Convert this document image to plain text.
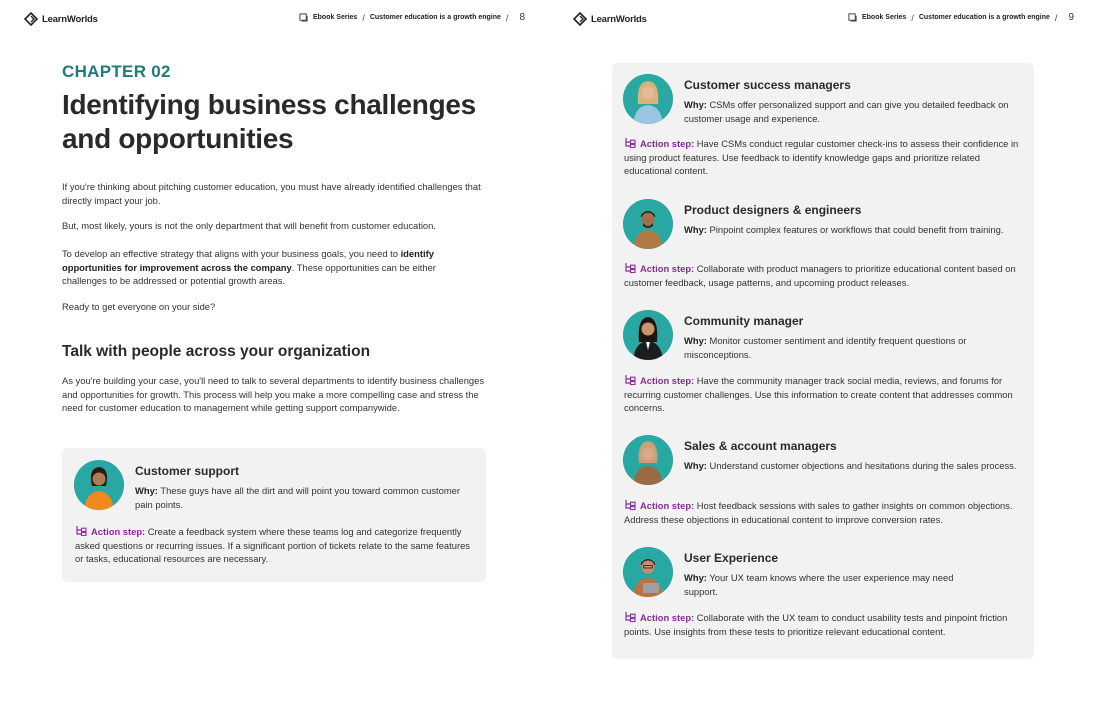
LearnWorlds	Ebook Series / Customer education is a growth engine / 8
CHAPTER 02
Identifying business challenges and opportunities
If you're thinking about pitching customer education, you must have already identified challenges that directly impact your job.
But, most likely, yours is not the only department that will benefit from customer education.
To develop an effective strategy that aligns with your business goals, you need to identify opportunities for improvement across the company. These opportunities can be either challenges to be addressed or potential growth areas.
Ready to get everyone on your side?
Talk with people across your organization
As you're building your case, you'll need to talk to several departments to identify business challenges and opportunities for growth. This process will help you make a more compelling case and stress the need for customer education to management while getting support companywide.
Customer support
Why: These guys have all the dirt and will point you toward common customer pain points.
Action step: Create a feedback system where these teams log and categorize frequently asked questions or recurring issues. If a significant portion of tickets relate to the same features or tasks, educational resources are necessary.
LearnWorlds	Ebook Series / Customer education is a growth engine / 9
Customer success managers
Why: CSMs offer personalized support and can give you detailed feedback on customer usage and experience.
Action step: Have CSMs conduct regular customer check-ins to assess their confidence in using product features. Use feedback to identify knowledge gaps and prioritize related educational content.
Product designers & engineers
Why: Pinpoint complex features or workflows that could benefit from training.
Action step: Collaborate with product managers to prioritize educational content based on customer feedback, usage patterns, and upcoming product releases.
Community manager
Why: Monitor customer sentiment and identify frequent questions or misconceptions.
Action step: Have the community manager track social media, reviews, and forums for recurring customer challenges. Use this information to create content that addresses common concerns.
Sales & account managers
Why: Understand customer objections and hesitations during the sales process.
Action step: Host feedback sessions with sales to gather insights on common objections. Address these objections in educational content to improve conversion rates.
User Experience
Why: Your UX team knows where the user experience may need support.
Action step: Collaborate with the UX team to conduct usability tests and pinpoint friction points. Use insights from these tests to prioritize relevant educational content.
